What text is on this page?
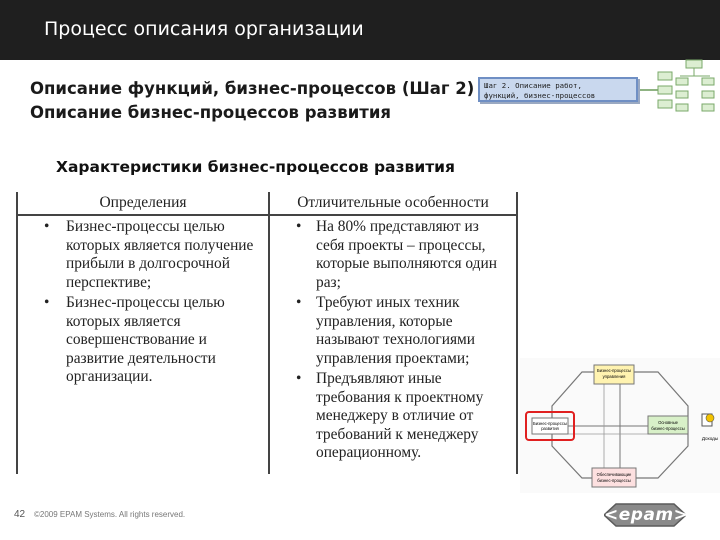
Процесс описания организации
Описание функций, бизнес-процессов (Шаг 2)
Описание бизнес-процессов развития
Шаг 2. Описание работ,
функций, бизнес-процессов
Характеристики бизнес-процессов развития
Определения
• Бизнес-процессы целью
которых является получение
прибыли в долгосрочной
перспективе;
• Бизнес-процессы целью
которых является
совершенствование и
развитие деятельности
организации.
Отличительные особенности
• На 80% представляют из
себя проекты – процессы,
которые выполняются один
раз;
• Требуют иных техник
управления, которые
называют технологиями
управления проектами;
• Предъявляют иные
требования к проектному
менеджеру в отличие от
требований к менеджеру
операционному.
Бизнес-процессы
управления
Бизнес-процессы
развития
Основные
бизнес-процессы
Обеспечивающие
бизнес-процессы
Доходы
42 ©2009 EPAM Systems. All rights reserved.	<epam>
